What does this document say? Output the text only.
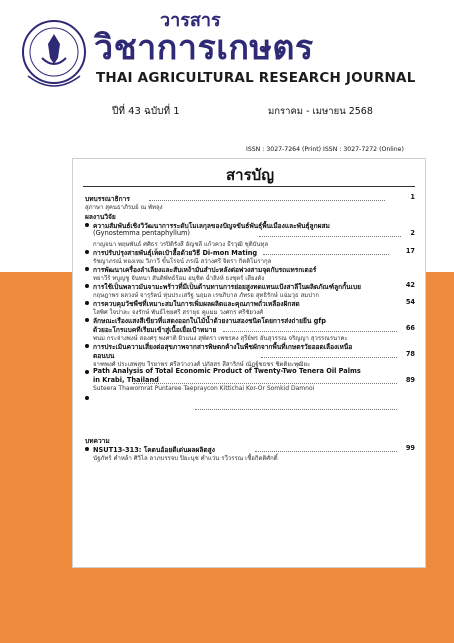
วารสาร
วิชาการเกษตร
THAI AGRICULTURAL RESEARCH JOURNAL
ปีที่ 43 ฉบับที่ 1	มกราคม - เมษายน 2568
ISSN : 3027-7264 (Print) ISSN : 3027-7272 (Online)
สารบัญ
บทบรรณาธิการ	1
สุภาษา สุคนธาภิรมย์ ณ พัทลุง
ผลงานวิจัย
ความสัมพันธ์เชิงวิวัฒนาการระดับโมเลกุลของปัญจขันธ์พันธุ์พื้นเมืองและพันธุ์ลูกผสม
(Gynostemma pentaphyllum)	2
กาญจนา พฤษพันธ์ ศศิธร วรปิติรังสี อัญชลี แก้วควง ธีรวุฒิ ชุติบันทุล
การปรับปรุงสายพันธุ์เห็ดเป๋าฮื้อด้วยวิธี Di-mon Mating	17
รัชญาภรณ์ ทองเหม วิภาวี ขั้นโรจน์ ภรณี สว่างศรี จิตรา กิตติโมรากุล
การพัฒนาเครื่องลำเลียงและสับเหง้ามันสำปะหลังต่อพ่วงสามจุดกับรถแทรกเตอร์
ทยาวีร์ ทบูญชู จันทนา สันติพัทธ์ร้อม อนุชิต ฉ่ำสิงห์ ธงชุตร์ เสียงดัง
การใช้เป็นพลาวมันจามะพร้าวที่มีเป็นด้านทานการย่อยสูงทดแทนแป้งสาลีในผลิตภัณฑ์ลูกกั้นเบย	42
กฤษฎาพร ผลวงษ์ จารุรัตน์ หุ่นประเสริฐ นฤมล เรขภิบาล ภัทรอ สุทธิรักษ์ แฉ่มวุธ สมปาก
การควบคุมวัชพืชที่เหมาะสมในการเพิ่มผลผลิตและคุณภาพถั่วเหลืองฝักสด	54
โสพิศ ใจปาละ จงรักษ์ พันธ์ไชยศรี สรายุธ คูแมม วงศกร ศรีชัยวงศ์
ลักษณะเรืองแสงสีเขียวที่แสดงออกในไม้น้ำด้วยงานสองชนิดโดยการส่งถ่ายยีน gfp
ด้วยอะโกรแบคทีเรียมเข้าสู่เนื้อเยื่อเป้าหมาย	66
พนม กระจ่างพงษ์ สองศรุ พงศาติ ผิวแนง สุพัตรา เพชรคง สุรีย์พร อันสุวรรณ จริญญา สุวรรณรนาคะ
การประเมินความเสี่ยงต่อสุขภาพจากสารพิษตกค้างในพืชผักจากพื้นที่เกษตรวัยออดเลืองเหนือ
ตอนบน	78
จาฑพงศ์ ประเสพสุข วีรยาพร ศรีสว่างวงศ์ ปภัสสร สีสาริกษ์ ณัฏฐ์ชธชร ชิตติยะพุฒิยะ
Path Analysis of Total Economic Product of Twenty-Two Tenera Oil Palms
in Krabi, Thailand	89
Suteera Thawornrat Puntaree Taepraycon Kittichai Kor-Or Somkid Damnoi
บทความ
NSUT13-313: โคตนอ้อยดีเด่นผลผลิตสูง	99
นัฐภัทร์ คำหล้า ศิวิไล ลาภบรรจบ ปิยะนุช คำแว่น รวีวรรณ เชื้อกิตติศักดิ์
